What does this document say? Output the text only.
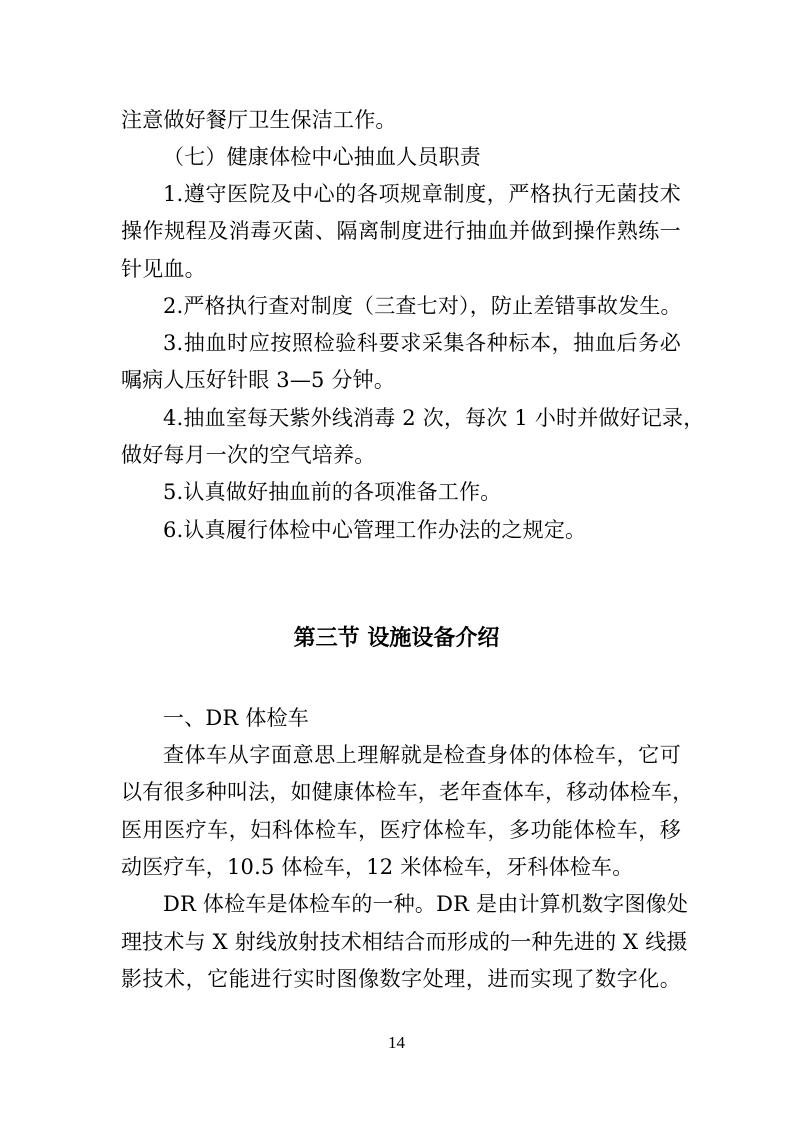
注意做好餐厅卫生保洁工作。
（七）健康体检中心抽血人员职责
1.遵守医院及中心的各项规章制度，严格执行无菌技术
操作规程及消毒灭菌、隔离制度进行抽血并做到操作熟练一
针见血。
2.严格执行查对制度（三查七对），防止差错事故发生。
3.抽血时应按照检验科要求采集各种标本，抽血后务必
嘱病人压好针眼 3—5 分钟。
4.抽血室每天紫外线消毒 2 次，每次 1 小时并做好记录，
做好每月一次的空气培养。
5.认真做好抽血前的各项准备工作。
6.认真履行体检中心管理工作办法的之规定。
第三节 设施设备介绍
一、DR 体检车
查体车从字面意思上理解就是检查身体的体检车，它可
以有很多种叫法，如健康体检车，老年查体车，移动体检车，
医用医疗车，妇科体检车，医疗体检车，多功能体检车，移
动医疗车，10.5 体检车，12 米体检车，牙科体检车。
DR 体检车是体检车的一种。DR 是由计算机数字图像处
理技术与 X 射线放射技术相结合而形成的一种先进的 X 线摄
影技术，它能进行实时图像数字处理，进而实现了数字化。
14
